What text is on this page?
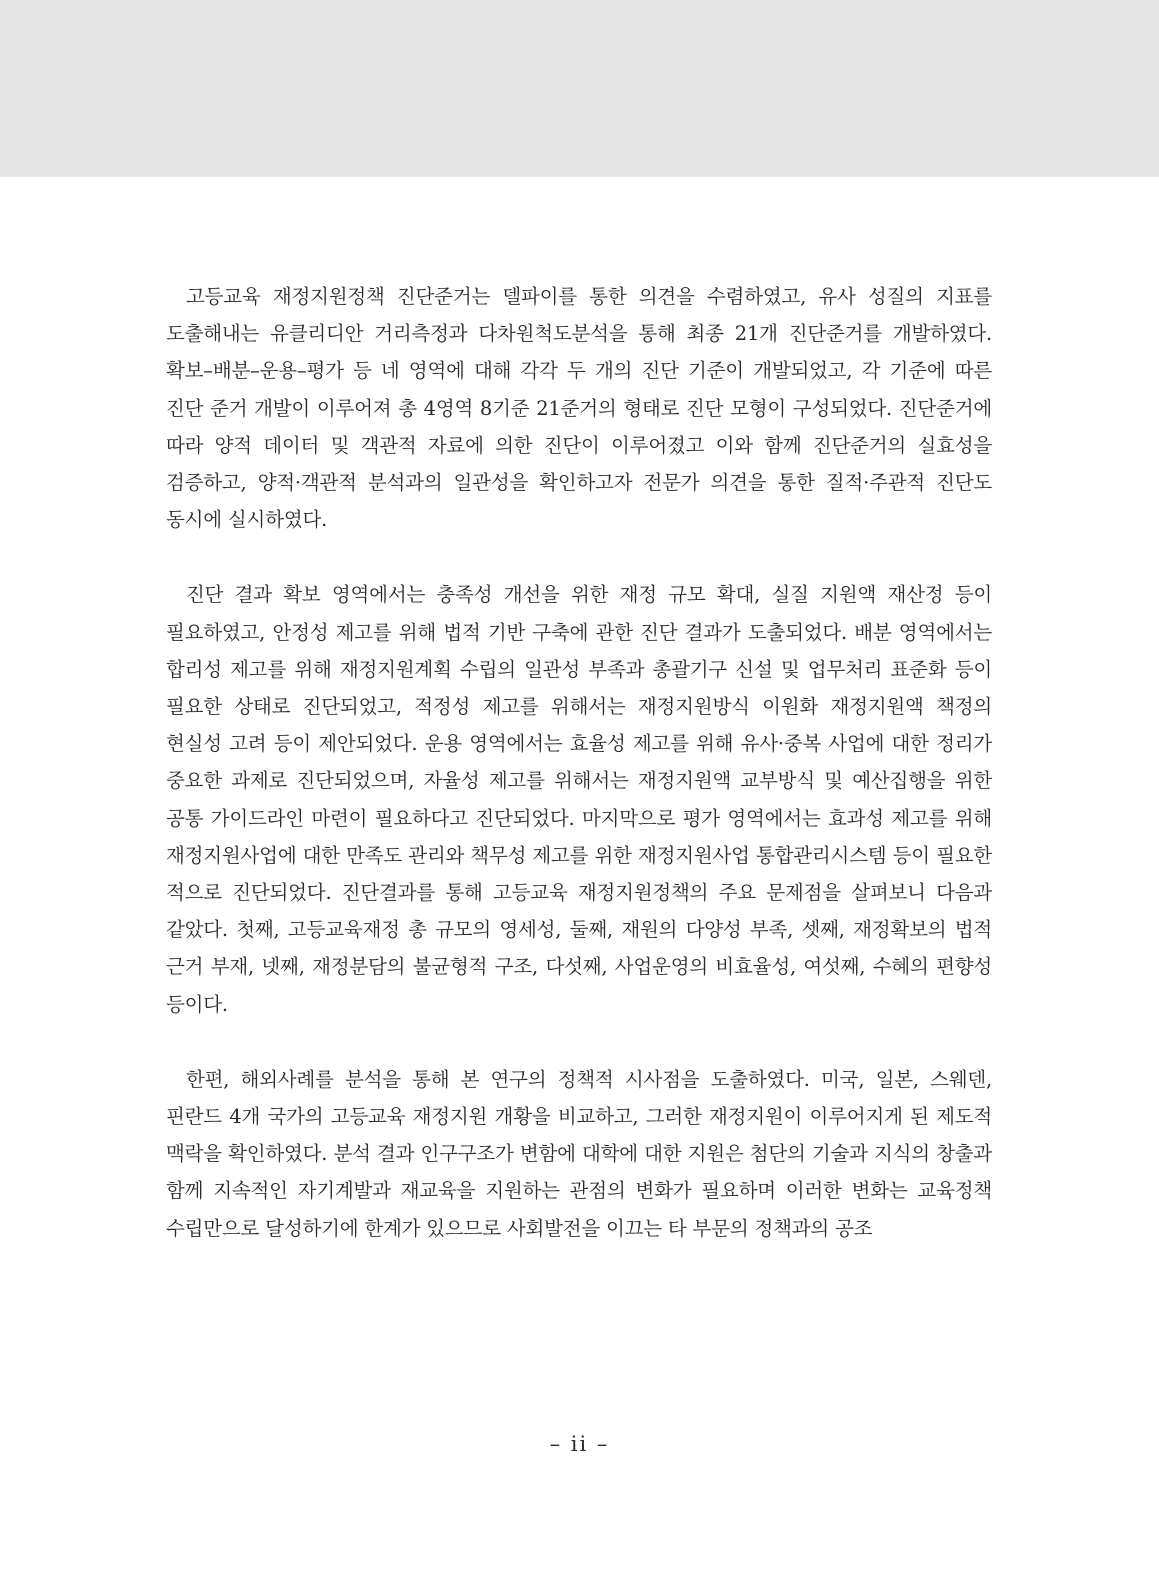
고등교육 재정지원정책 진단준거는 델파이를 통한 의견을 수렴하였고, 유사 성질의 지표를 도출해내는 유클리디안 거리측정과 다차원척도분석을 통해 최종 21개 진단준거를 개발하였다. 확보–배분–운용–평가 등 네 영역에 대해 각각 두 개의 진단 기준이 개발되었고, 각 기준에 따른 진단 준거 개발이 이루어져 총 4영역 8기준 21준거의 형태로 진단 모형이 구성되었다. 진단준거에 따라 양적 데이터 및 객관적 자료에 의한 진단이 이루어졌고 이와 함께 진단준거의 실효성을 검증하고, 양적·객관적 분석과의 일관성을 확인하고자 전문가 의견을 통한 질적·주관적 진단도 동시에 실시하였다.

진단 결과 확보 영역에서는 충족성 개선을 위한 재정 규모 확대, 실질 지원액 재산정 등이 필요하였고, 안정성 제고를 위해 법적 기반 구축에 관한 진단 결과가 도출되었다. 배분 영역에서는 합리성 제고를 위해 재정지원계획 수립의 일관성 부족과 총괄기구 신설 및 업무처리 표준화 등이 필요한 상태로 진단되었고, 적정성 제고를 위해서는 재정지원방식 이원화 재정지원액 책정의 현실성 고려 등이 제안되었다. 운용 영역에서는 효율성 제고를 위해 유사·중복 사업에 대한 정리가 중요한 과제로 진단되었으며, 자율성 제고를 위해서는 재정지원액 교부방식 및 예산집행을 위한 공통 가이드라인 마련이 필요하다고 진단되었다. 마지막으로 평가 영역에서는 효과성 제고를 위해 재정지원사업에 대한 만족도 관리와 책무성 제고를 위한 재정지원사업 통합관리시스템 등이 필요한 적으로 진단되었다. 진단결과를 통해 고등교육 재정지원정책의 주요 문제점을 살펴보니 다음과 같았다. 첫째, 고등교육재정 총 규모의 영세성, 둘째, 재원의 다양성 부족, 셋째, 재정확보의 법적 근거 부재, 넷째, 재정분담의 불균형적 구조, 다섯째, 사업운영의 비효율성, 여섯째, 수혜의 편향성 등이다.

한편, 해외사례를 분석을 통해 본 연구의 정책적 시사점을 도출하였다. 미국, 일본, 스웨덴, 핀란드 4개 국가의 고등교육 재정지원 개황을 비교하고, 그러한 재정지원이 이루어지게 된 제도적 맥락을 확인하였다. 분석 결과 인구구조가 변함에 대학에 대한 지원은 첨단의 기술과 지식의 창출과 함께 지속적인 자기계발과 재교육을 지원하는 관점의 변화가 필요하며 이러한 변화는 교육정책 수립만으로 달성하기에 한계가 있으므로 사회발전을 이끄는 타 부문의 정책과의 공조

– ii –
